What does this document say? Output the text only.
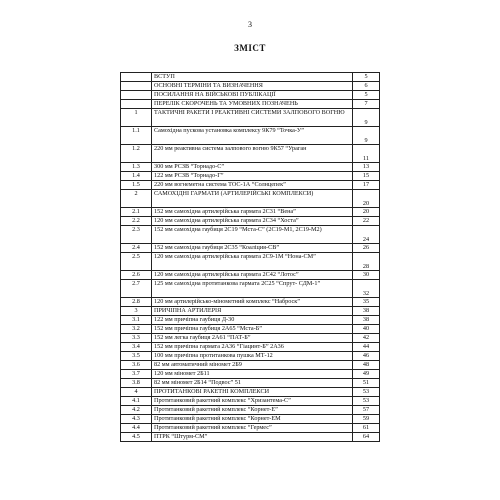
3
ЗМІСТ
	ВСТУП	5
	ОСНОВНІ ТЕРМІНИ ТА ВИЗНАЧЕННЯ	6
	ПОСИЛАННЯ НА ВІЙСЬКОВІ ПУБЛІКАЦІЇ	5
	ПЕРЕЛІК СКОРОЧЕНЬ ТА УМОВНИХ ПОЗНАЧЕНЬ	7
1	ТАКТИЧНІ РАКЕТИ І РЕАКТИВНІ СИСТЕМИ ЗАЛПОВОГО ВОГНЮ	9
1.1	Самохідна пускова установка комплексу 9К79 “Точка-У”	9
1.2	220 мм реактивна система залпового вогню 9К57 “Ураган	11
1.3	300 мм РСЗВ “Торнадо-С”	13
1.4	122 мм РСЗВ “Торнадо-Г”	15
1.5	220 мм вогнеметна система ТОС-1А “Солнцепек”	17
2	САМОХІДНІ ГАРМАТИ (АРТИЛЕРІЙСЬКІ КОМПЛЕКСИ)	20
2.1	152 мм самохідна артилерійська гармата 2С31 “Вена”	20
2.2	120 мм самохідна артилерійська гармата 2С34 “Хоста”	22
2.3	152 мм самохідна гаубиця 2С19 “Мста-С” (2С19-М1, 2С19-М2)	24
2.4	152 мм самохідна гаубиця 2С35 “Коаліция-СВ”	26
2.5	120 мм самохідна артилерійська гармата 2С9-1М “Нона-СМ”	28
2.6	120 мм самохідна артилерійська гармата 2С42 “Лотос”	30
2.7	125 мм самохідна протитанкова гармата 2С25 “Спрут- СДМ-1”	32
2.8	120 мм артилерійсько-мінометний комплекс “Наброск”	35
3	ПРИЧІПНА АРТИЛЕРІЯ	38
3.1	122 мм причіпна гаубиця Д-30	38
3.2	152 мм причіпна гаубиця 2А65 “Мста-Б”	40
3.3	152 мм легка гаубиця 2А61 “ПАТ-Б”	42
3.4	152 мм причіпна гармата 2А36 “Гіацинт-Б” 2А36	44
3.5	100 мм причіпна протитанкова пушка МТ-12	46
3.6	82 мм автоматичний міномет 2Б9	48
3.7	120 мм міномет 2Б11	49
3.8	82 мм міномет 2Б14 “Подвос” 51	51
4	ПРОТИТАНКОВІ РАКЕТНІ КОМПЛЕКСИ	53
4.1	Протитанковий ракетний комплекс “Хризантема-С”	53
4.2	Протитанковий ракетний комплекс “Корнет-Е”	57
4.3	Протитанковий ракетний комплекс “Корнет-ЕМ	59
4.4	Протитанковий ракетний комплекс “Гермес”	61
4.5	ПТРК “Штурм-СМ”	64
